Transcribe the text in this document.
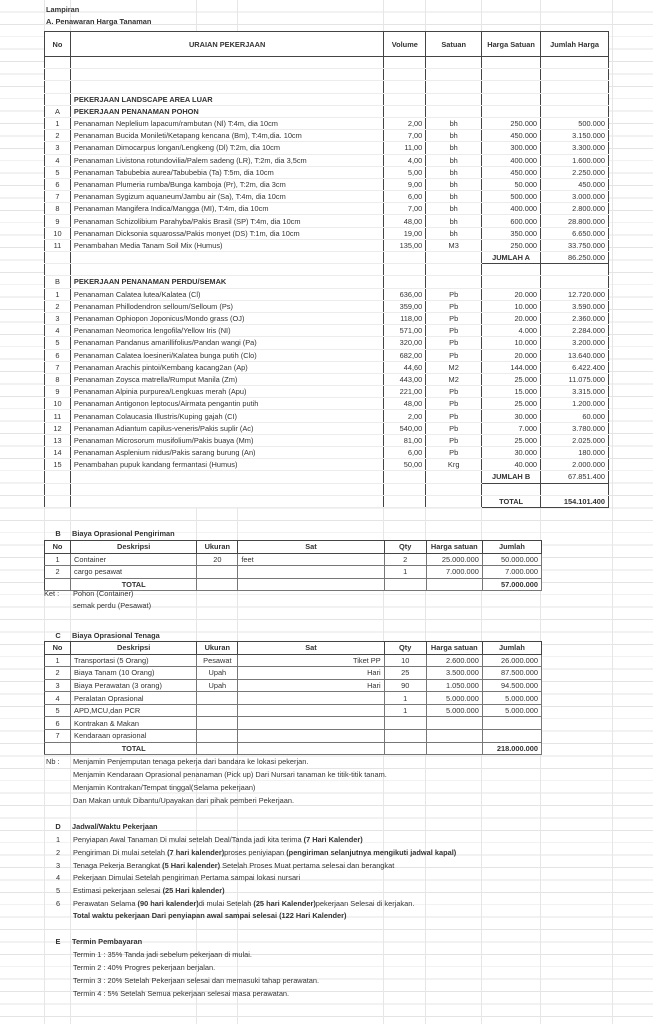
Lampiran
A. Penawaran Harga Tanaman
No	URAIAN PEKERJAAN	Volume	Satuan	Harga Satuan	Jumlah Harga

	PEKERJAAN LANDSCAPE AREA LUAR				
A	PEKERJAAN PENANAMAN POHON				
1	Penanaman Neplelium lapacum/rambutan (Nl) T:4m, dia 10cm	2,00	bh	250.000	500.000
2	Penanaman Bucida Monileti/Ketapang kencana (Bm), T:4m,dia. 10cm	7,00	bh	450.000	3.150.000
3	Penanaman Dimocarpus longan/Lengkeng (Dl) T:2m, dia 10cm	11,00	bh	300.000	3.300.000
4	Penanaman Livistona rotundovilia/Palem sadeng (LR), T:2m, dia 3,5cm	4,00	bh	400.000	1.600.000
5	Penanaman Tabubebia aurea/Tabubebia (Ta) T:5m, dia 10cm	5,00	bh	450.000	2.250.000
6	Penanaman Plumeria rumba/Bunga kamboja (Pr), T:2m, dia 3cm	9,00	bh	50.000	450.000
7	Penanaman Sygizum aquaneum/Jambu air (Sa), T:4m, dia 10cm	6,00	bh	500.000	3.000.000
8	Penanaman Mangifera Indica/Mangga (MI), T:4m, dia 10cm	7,00	bh	400.000	2.800.000
9	Penanaman Schizolibium Parahyba/Pakis Brasil (SP) T:4m, dia 10cm	48,00	bh	600.000	28.800.000
10	Penanaman Dicksonia squarossa/Pakis monyet (DS) T:1m, dia 10cm	19,00	bh	350.000	6.650.000
11	Penambahan Media Tanam Soil Mix (Humus)	135,00	M3	250.000	33.750.000
				JUMLAH A	86.250.000

B	PEKERJAAN PENANAMAN PERDU/SEMAK				
1	Penanaman Calatea lutea/Kalatea (Cl)	636,00	Pb	20.000	12.720.000
2	Penanaman Phillodendron selloum/Selloum (Ps)	359,00	Pb	10.000	3.590.000
3	Penanaman Ophiopon Joponicus/Mondo grass (OJ)	118,00	Pb	20.000	2.360.000
4	Penanaman Neomorica lengofila/Yellow Iris (NI)	571,00	Pb	4.000	2.284.000
5	Penanaman Pandanus amarillifolius/Pandan wangi (Pa)	320,00	Pb	10.000	3.200.000
6	Penanaman Calatea loesineri/Kalatea bunga putih (Clo)	682,00	Pb	20.000	13.640.000
7	Penanaman Arachis pintoi/Kembang kacang2an (Ap)	44,60	M2	144.000	6.422.400
8	Penanaman Zoysca matrella/Rumput Manila (Zm)	443,00	M2	25.000	11.075.000
9	Penanaman Alpinia purpurea/Lengkuas merah (Apu)	221,00	Pb	15.000	3.315.000
10	Penanaman Antigonon leptocus/Airmata pengantin putih	48,00	Pb	25.000	1.200.000
11	Penanaman Colaucasia Illustris/Kuping gajah (CI)	2,00	Pb	30.000	60.000
12	Penanaman Adiantum capilus-veneris/Pakis suplir (Ac)	540,00	Pb	7.000	3.780.000
13	Penanaman Microsorum musifolium/Pakis buaya (Mm)	81,00	Pb	25.000	2.025.000
14	Penanaman Asplenium nidus/Pakis sarang burung (An)	6,00	Pb	30.000	180.000
15	Penambahan pupuk kandang fermantasi (Humus)	50,00	Krg	40.000	2.000.000
				JUMLAH B	67.851.400

				TOTAL	154.101.400
B	Biaya Oprasional Pengiriman
No	Deskripsi	Ukuran	Sat	Qty	Harga satuan	Jumlah
1	Container	20	feet	2	25.000.000	50.000.000
2	cargo pesawat			1	7.000.000	7.000.000
	TOTAL					57.000.000
Ket : Pohon (Container)
semak perdu (Pesawat)
C	Biaya Oprasional Tenaga
No	Deskripsi	Ukuran	Sat	Qty	Harga satuan	Jumlah
1	Transportasi (5 Orang)	Pesawat	Tiket PP	10	2.600.000	26.000.000
2	Biaya Tanam (10 Orang)	Upah	Hari	25	3.500.000	87.500.000
3	Biaya Perawatan (3 orang)	Upah	Hari	90	1.050.000	94.500.000
4	Peralatan Oprasional			1	5.000.000	5.000.000
5	APD,MCU,dan PCR			1	5.000.000	5.000.000
6	Kontrakan & Makan					
7	Kendaraan oprasional					
	TOTAL					218.000.000
Nb : Menjamin Penjemputan tenaga pekerja dari bandara ke lokasi pekerjan.
Menjamin Kendaraan Oprasional penanaman (Pick up) Dari Nursari tanaman ke titik-titik tanam.
Menjamin Kontrakan/Tempat tinggal(Selama pekerjaan)
Dan Makan untuk Dibantu/Upayakan dari pihak pemberi Pekerjaan.
D	Jadwal/Waktu Pekerjaan
1	Penyiapan Awal Tanaman Di mulai setelah Deal/Tanda jadi kita terima (7 Hari Kalender)
2	Pengiriman Di mulai setelah (7 hari kalender)proses peniyiapan (pengiriman selanjutnya mengikuti jadwal kapal)
3	Tenaga Pekerja Berangkat (5 Hari kalender) Setelah Proses Muat pertama selesai dan berangkat
4	Pekerjaan Dimulai Setelah pengiriman Pertama sampai lokasi nursari
5	Estimasi pekerjaan selesai (25 Hari kalender)
6	Perawatan Selama (90 hari kalender)di mulai Setelah (25 hari Kalender)pekerjaan Selesai di kerjakan.
Total waktu pekerjaan Dari penyiapan awal sampai selesai (122 Hari Kalender)
E	Termin Pembayaran
Termin 1 : 35% Tanda jadi sebelum pekerjaan di mulai.
Termin 2 : 40% Progres pekerjaan berjalan.
Termin 3 : 20% Setelah Pekerjaan selesai dan memasuki tahap perawatan.
Termin 4 : 5% Setelah Semua pekerjaan selesai masa perawatan.
